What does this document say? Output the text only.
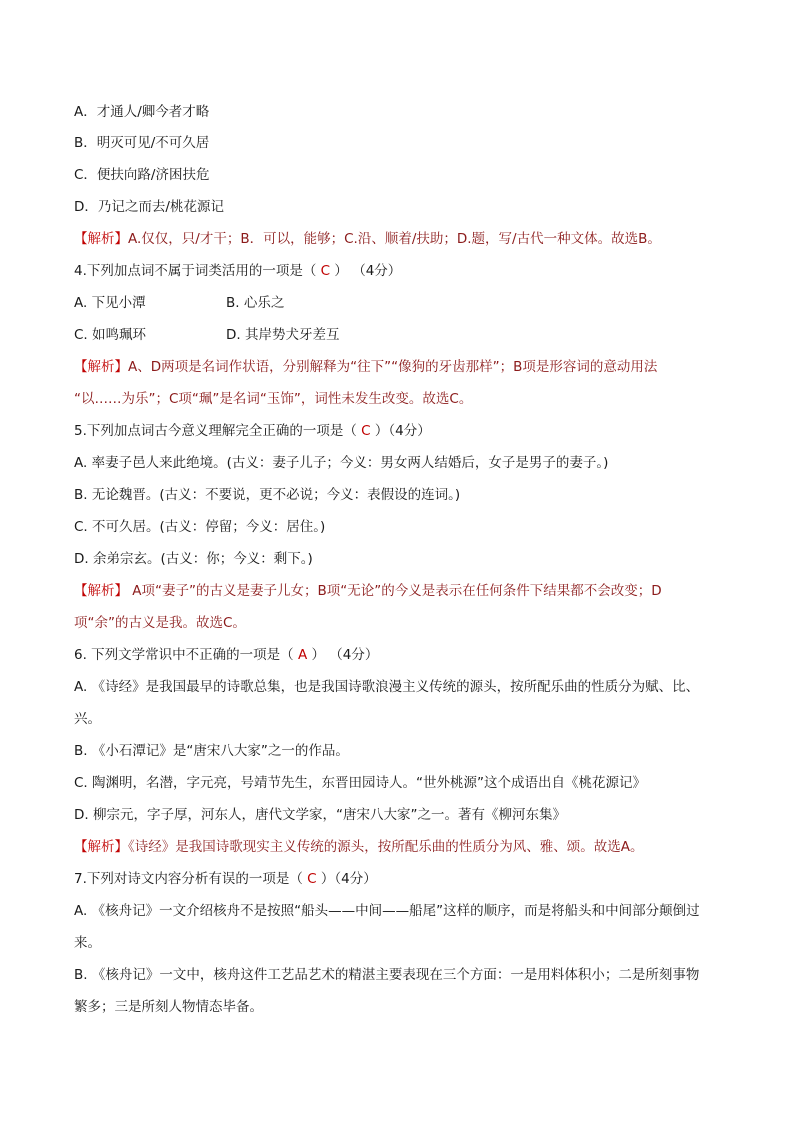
A．才通人/卿今者才略
B．明灭可见/不可久居
C．便扶向路/济困扶危
D．乃记之而去/桃花源记
【解析】A.仅仅，只/才干；B．可以，能够；C.沿、顺着/扶助；D.题，写/古代一种文体。故选B。
4.下列加点词不属于词类活用的一项是（ C ） （4分）
A. 下见小潭	B. 心乐之
C. 如鸣珮环	D. 其岸势犬牙差互
【解析】A、D两项是名词作状语，分别解释为“往下”“像狗的牙齿那样”；B项是形容词的意动用法
“以……为乐”；C项“珮”是名词“玉饰”，词性未发生改变。故选C。
5.下列加点词古今意义理解完全正确的一项是（ C ）（4分）
A. 率妻子邑人来此绝境。(古义：妻子儿子；今义：男女两人结婚后，女子是男子的妻子。)
B. 无论魏晋。(古义：不要说，更不必说；今义：表假设的连词。)
C. 不可久居。(古义：停留；今义：居住。)
D. 余弟宗玄。(古义：你；今义：剩下。)
【解析】 A项“妻子”的古义是妻子儿女；B项“无论”的今义是表示在任何条件下结果都不会改变；D
项“余”的古义是我。故选C。
6. 下列文学常识中不正确的一项是（ A ） （4分）
A. 《诗经》是我国最早的诗歌总集，也是我国诗歌浪漫主义传统的源头，按所配乐曲的性质分为赋、比、
兴。
B. 《小石潭记》是“唐宋八大家”之一的作品。
C. 陶渊明，名潜，字元亮，号靖节先生，东晋田园诗人。“世外桃源”这个成语出自《桃花源记》
D. 柳宗元，字子厚，河东人，唐代文学家，“唐宋八大家”之一。著有《柳河东集》
【解析】《诗经》是我国诗歌现实主义传统的源头，按所配乐曲的性质分为风、雅、颂。故选A。
7.下列对诗文内容分析有误的一项是（ C ）（4分）
A. 《核舟记》一文介绍核舟不是按照“船头——中间——船尾”这样的顺序，而是将船头和中间部分颠倒过
来。
B. 《核舟记》一文中，核舟这件工艺品艺术的精湛主要表现在三个方面：一是用料体积小；二是所刻事物
繁多；三是所刻人物情态毕备。
